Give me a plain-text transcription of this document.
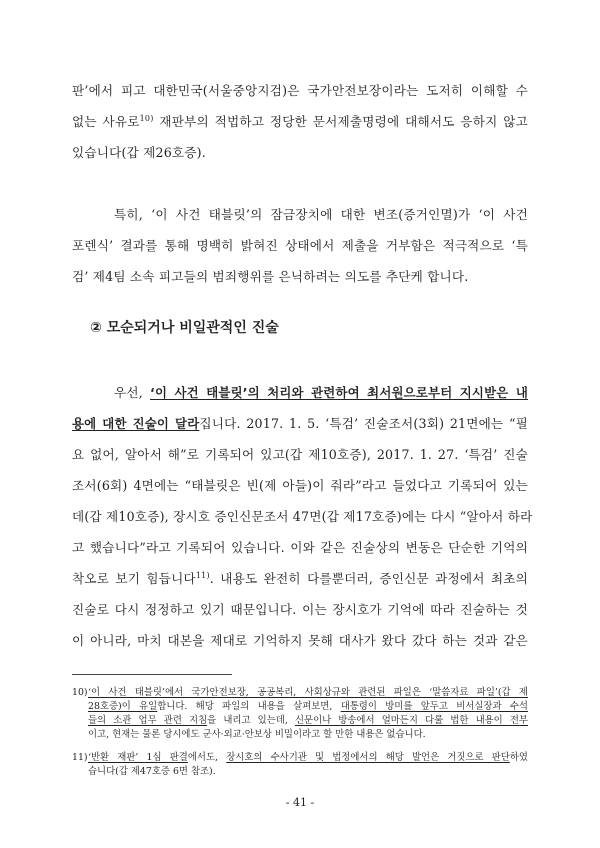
판’에서 피고 대한민국(서울중앙지검)은 국가안전보장이라는 도저히 이해할 수
없는 사유로$^{10)}$ 재판부의 적법하고 정당한 문서제출명령에 대해서도 응하지 않고
있습니다(갑 제26호증).
특히, ‘이 사건 태블릿’의 잠금장치에 대한 변조(증거인멸)가 ‘이 사건
포렌식’ 결과를 통해 명백히 밝혀진 상태에서 제출을 거부함은 적극적으로 ‘특
검’ 제4팀 소속 피고들의 범죄행위를 은닉하려는 의도를 추단케 합니다.
② 모순되거나 비일관적인 진술
우선, ‘이 사건 태블릿’의 처리와 관련하여 최서원으로부터 지시받은 내
용에 대한 진술이 달라집니다. 2017. 1. 5. ‘특검’ 진술조서(3회) 21면에는 “필
요 없어, 알아서 해”로 기록되어 있고(갑 제10호증), 2017. 1. 27. ‘특검’ 진술
조서(6회) 4면에는 “태블릿은 빈(제 아들)이 줘라”라고 들었다고 기록되어 있는
데(갑 제10호증), 장시호 증인신문조서 47면(갑 제17호증)에는 다시 “알아서 하라
고 했습니다”라고 기록되어 있습니다. 이와 같은 진술상의 변동은 단순한 기억의
착오로 보기 힘듭니다$^{11)}$. 내용도 완전히 다를뿐더러, 증인신문 과정에서 최초의
진술로 다시 정정하고 있기 때문입니다. 이는 장시호가 기억에 따라 진술하는 것
이 아니라, 마치 대본을 제대로 기억하지 못해 대사가 왔다 갔다 하는 것과 같은
10)‘이 사건 태블릿’에서 국가안전보장, 공공복리, 사회상규와 관련된 파일은 ‘말씀자료 파일’(갑 제
28호증)이 유일합니다. 해당 파일의 내용을 살펴보면, 대통령이 방미를 앞두고 비서실장과 수석
들의 소관 업무 관련 지침을 내리고 있는데, 신문이나 방송에서 얼마든지 다룰 법한 내용이 전부
이고, 현재는 물론 당시에도 군사·외교·안보상 비밀이라고 할 만한 내용은 없습니다.
11)‘반환 재판’ 1심 판결에서도, 장시호의 수사기관 및 법정에서의 해당 발언은 거짓으로 판단하였
습니다(갑 제47호증 6면 참조).
- 41 -
